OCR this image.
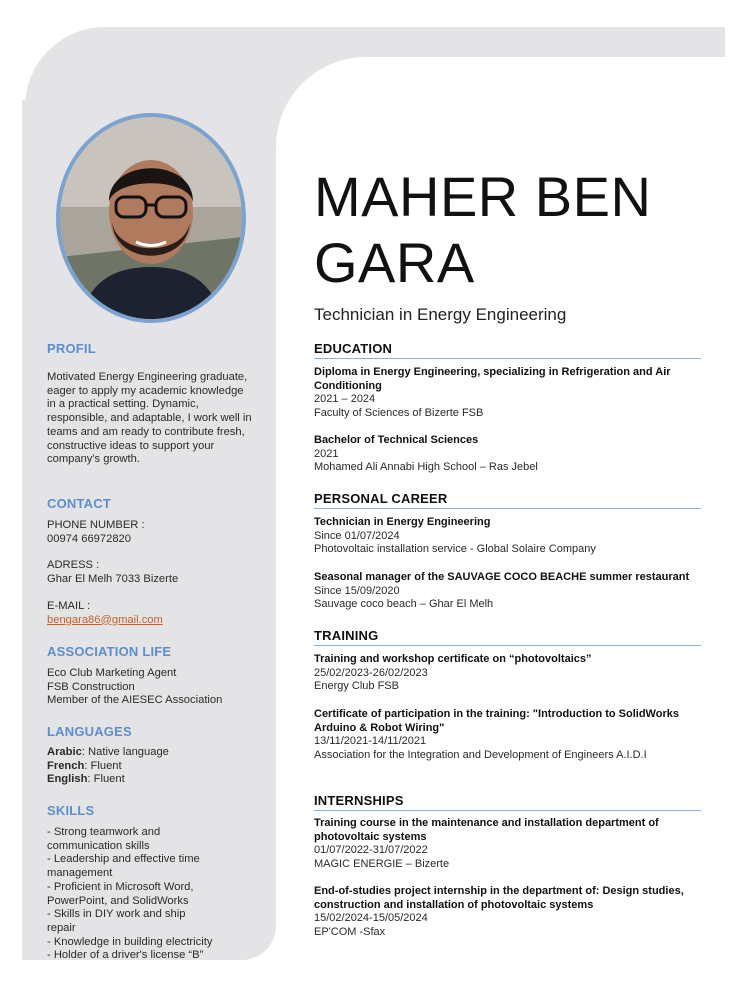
MAHER BEN GARA
Technician in Energy Engineering
PROFIL

Motivated Energy Engineering graduate, eager to apply my academic knowledge in a practical setting. Dynamic, responsible, and adaptable, I work well in teams and am ready to contribute fresh, constructive ideas to support your company's growth.

CONTACT

PHONE NUMBER :

00974 66972820

ADRESS :

Ghar El Melh 7033 Bizerte

E-MAIL :

bengara86@gmail.com

ASSOCIATION LIFE

Eco Club Marketing Agent

FSB Construction

Member of the AIESEC Association

LANGUAGES

Arabic: Native language

French: Fluent

English: Fluent

SKILLS

- Strong teamwork and communication skills

- Leadership and effective time management

- Proficient in Microsoft Word, PowerPoint, and SolidWorks

- Skills in DIY work and ship repair

- Knowledge in building electricity

- Holder of a driver's license “B”

EDUCATION

Diploma in Energy Engineering, specializing in Refrigeration and Air Conditioning

2021 – 2024

Faculty of Sciences of Bizerte FSB

Bachelor of Technical Sciences

2021

Mohamed Ali Annabi High School – Ras Jebel

PERSONAL CAREER

Technician in Energy Engineering

Since 01/07/2024

Photovoltaic installation service - Global Solaire Company

Seasonal manager of the SAUVAGE COCO BEACHE summer restaurant

Since 15/09/2020

Sauvage coco beach – Ghar El Melh

TRAINING

Training and workshop certificate on “photovoltaics”

25/02/2023-26/02/2023

Energy Club FSB

Certificate of participation in the training: "Introduction to SolidWorks Arduino & Robot Wiring"

13/11/2021-14/11/2021

Association for the Integration and Development of Engineers A.I.D.I

INTERNSHIPS

Training course in the maintenance and installation department of photovoltaic systems

01/07/2022-31/07/2022

MAGIC ENERGIE – Bizerte

End-of-studies project internship in the department of: Design studies, construction and installation of photovoltaic systems

15/02/2024-15/05/2024

EP'COM -Sfax
